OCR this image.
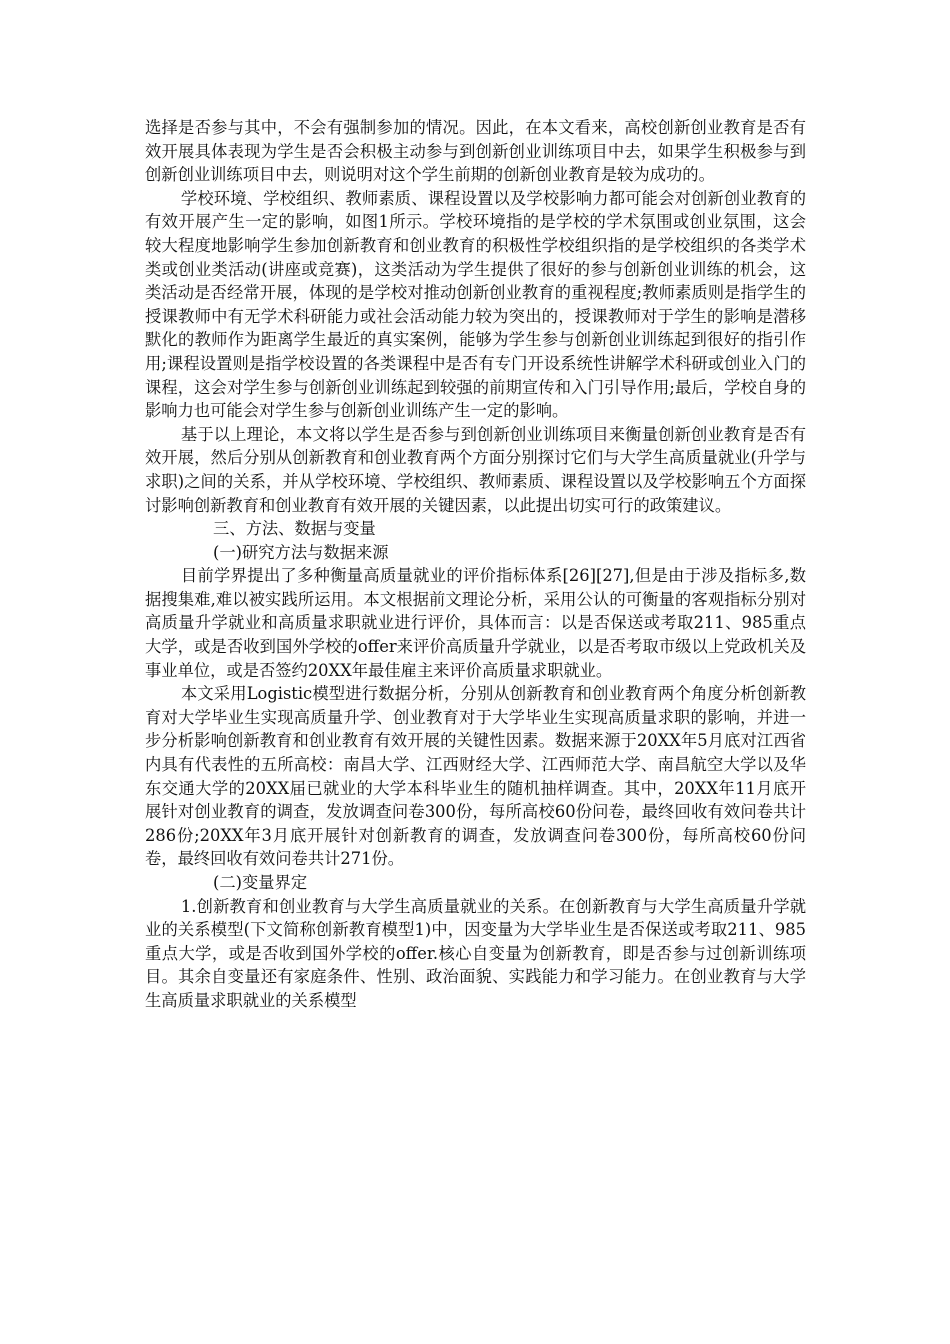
选择是否参与其中，不会有强制参加的情况。因此，在本文看来，高校创新创业教育是否有效开展具体表现为学生是否会积极主动参与到创新创业训练项目中去，如果学生积极参与到创新创业训练项目中去，则说明对这个学生前期的创新创业教育是较为成功的。

学校环境、学校组织、教师素质、课程设置以及学校影响力都可能会对创新创业教育的有效开展产生一定的影响，如图1所示。学校环境指的是学校的学术氛围或创业氛围，这会较大程度地影响学生参加创新教育和创业教育的积极性学校组织指的是学校组织的各类学术类或创业类活动(讲座或竞赛)，这类活动为学生提供了很好的参与创新创业训练的机会，这类活动是否经常开展，体现的是学校对推动创新创业教育的重视程度;教师素质则是指学生的授课教师中有无学术科研能力或社会活动能力较为突出的，授课教师对于学生的影响是潜移默化的教师作为距离学生最近的真实案例，能够为学生参与创新创业训练起到很好的指引作用;课程设置则是指学校设置的各类课程中是否有专门开设系统性讲解学术科研或创业入门的课程，这会对学生参与创新创业训练起到较强的前期宣传和入门引导作用;最后，学校自身的影响力也可能会对学生参与创新创业训练产生一定的影响。

基于以上理论，本文将以学生是否参与到创新创业训练项目来衡量创新创业教育是否有效开展，然后分别从创新教育和创业教育两个方面分别探讨它们与大学生高质量就业(升学与求职)之间的关系，并从学校环境、学校组织、教师素质、课程设置以及学校影响五个方面探讨影响创新教育和创业教育有效开展的关键因素，以此提出切实可行的政策建议。

三、方法、数据与变量

(一)研究方法与数据来源

目前学界提出了多种衡量高质量就业的评价指标体系[26][27],但是由于涉及指标多,数据搜集难,难以被实践所运用。本文根据前文理论分析，采用公认的可衡量的客观指标分别对高质量升学就业和高质量求职就业进行评价，具体而言：以是否保送或考取211、985重点大学，或是否收到国外学校的offer来评价高质量升学就业，以是否考取市级以上党政机关及事业单位，或是否签约20XX年最佳雇主来评价高质量求职就业。

本文采用Logistic模型进行数据分析，分别从创新教育和创业教育两个角度分析创新教育对大学毕业生实现高质量升学、创业教育对于大学毕业生实现高质量求职的影响，并进一步分析影响创新教育和创业教育有效开展的关键性因素。数据来源于20XX年5月底对江西省内具有代表性的五所高校：南昌大学、江西财经大学、江西师范大学、南昌航空大学以及华东交通大学的20XX届已就业的大学本科毕业生的随机抽样调查。其中，20XX年11月底开展针对创业教育的调查，发放调查问卷300份，每所高校60份问卷，最终回收有效问卷共计286份;20XX年3月底开展针对创新教育的调查，发放调查问卷300份，每所高校60份问卷，最终回收有效问卷共计271份。

(二)变量界定

1.创新教育和创业教育与大学生高质量就业的关系。在创新教育与大学生高质量升学就业的关系模型(下文简称创新教育模型1)中，因变量为大学毕业生是否保送或考取211、985重点大学，或是否收到国外学校的offer.核心自变量为创新教育，即是否参与过创新训练项目。其余自变量还有家庭条件、性别、政治面貌、实践能力和学习能力。在创业教育与大学生高质量求职就业的关系模型
